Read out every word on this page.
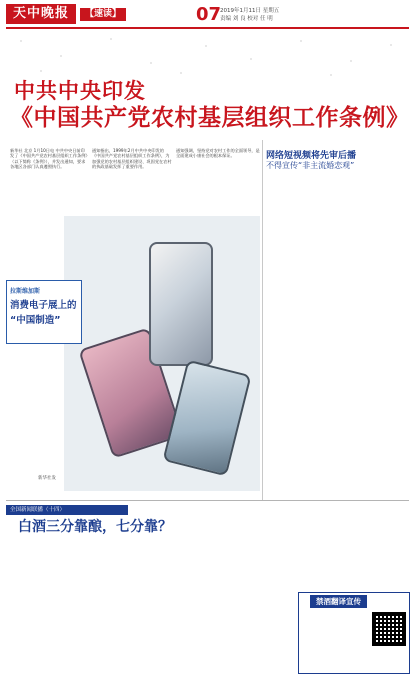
天中晚报	【速读】	07
2019年1月11日 星期五
责编 刘 良 校对 任 明
中共中央印发
《中国共产党农村基层组织工作条例》
新华社 北京 1月10日电 中共中央日前印发了《中国共产党农村基层组织工作条例》（以下简称《条例》），并发出通知，要求各地区各部门认真遵照执行。
通知指出，1999年2月中共中央印发的《中国共产党农村基层组织工作条例》，为加强党的农村基层组织建设、巩固党在农村的执政基础发挥了重要作用。
通知强调，坚持党对农村工作的全面领导，是全面建成小康社会的根本保证。	网络短视频将先审后播
不得宣传“非主流婚恋观”
拉斯维加斯
消费电子展上的
“中国制造”
新华社发
全国新闻联播（十四）
白酒三分靠酿，七分靠？
禁酒翻译宣传
